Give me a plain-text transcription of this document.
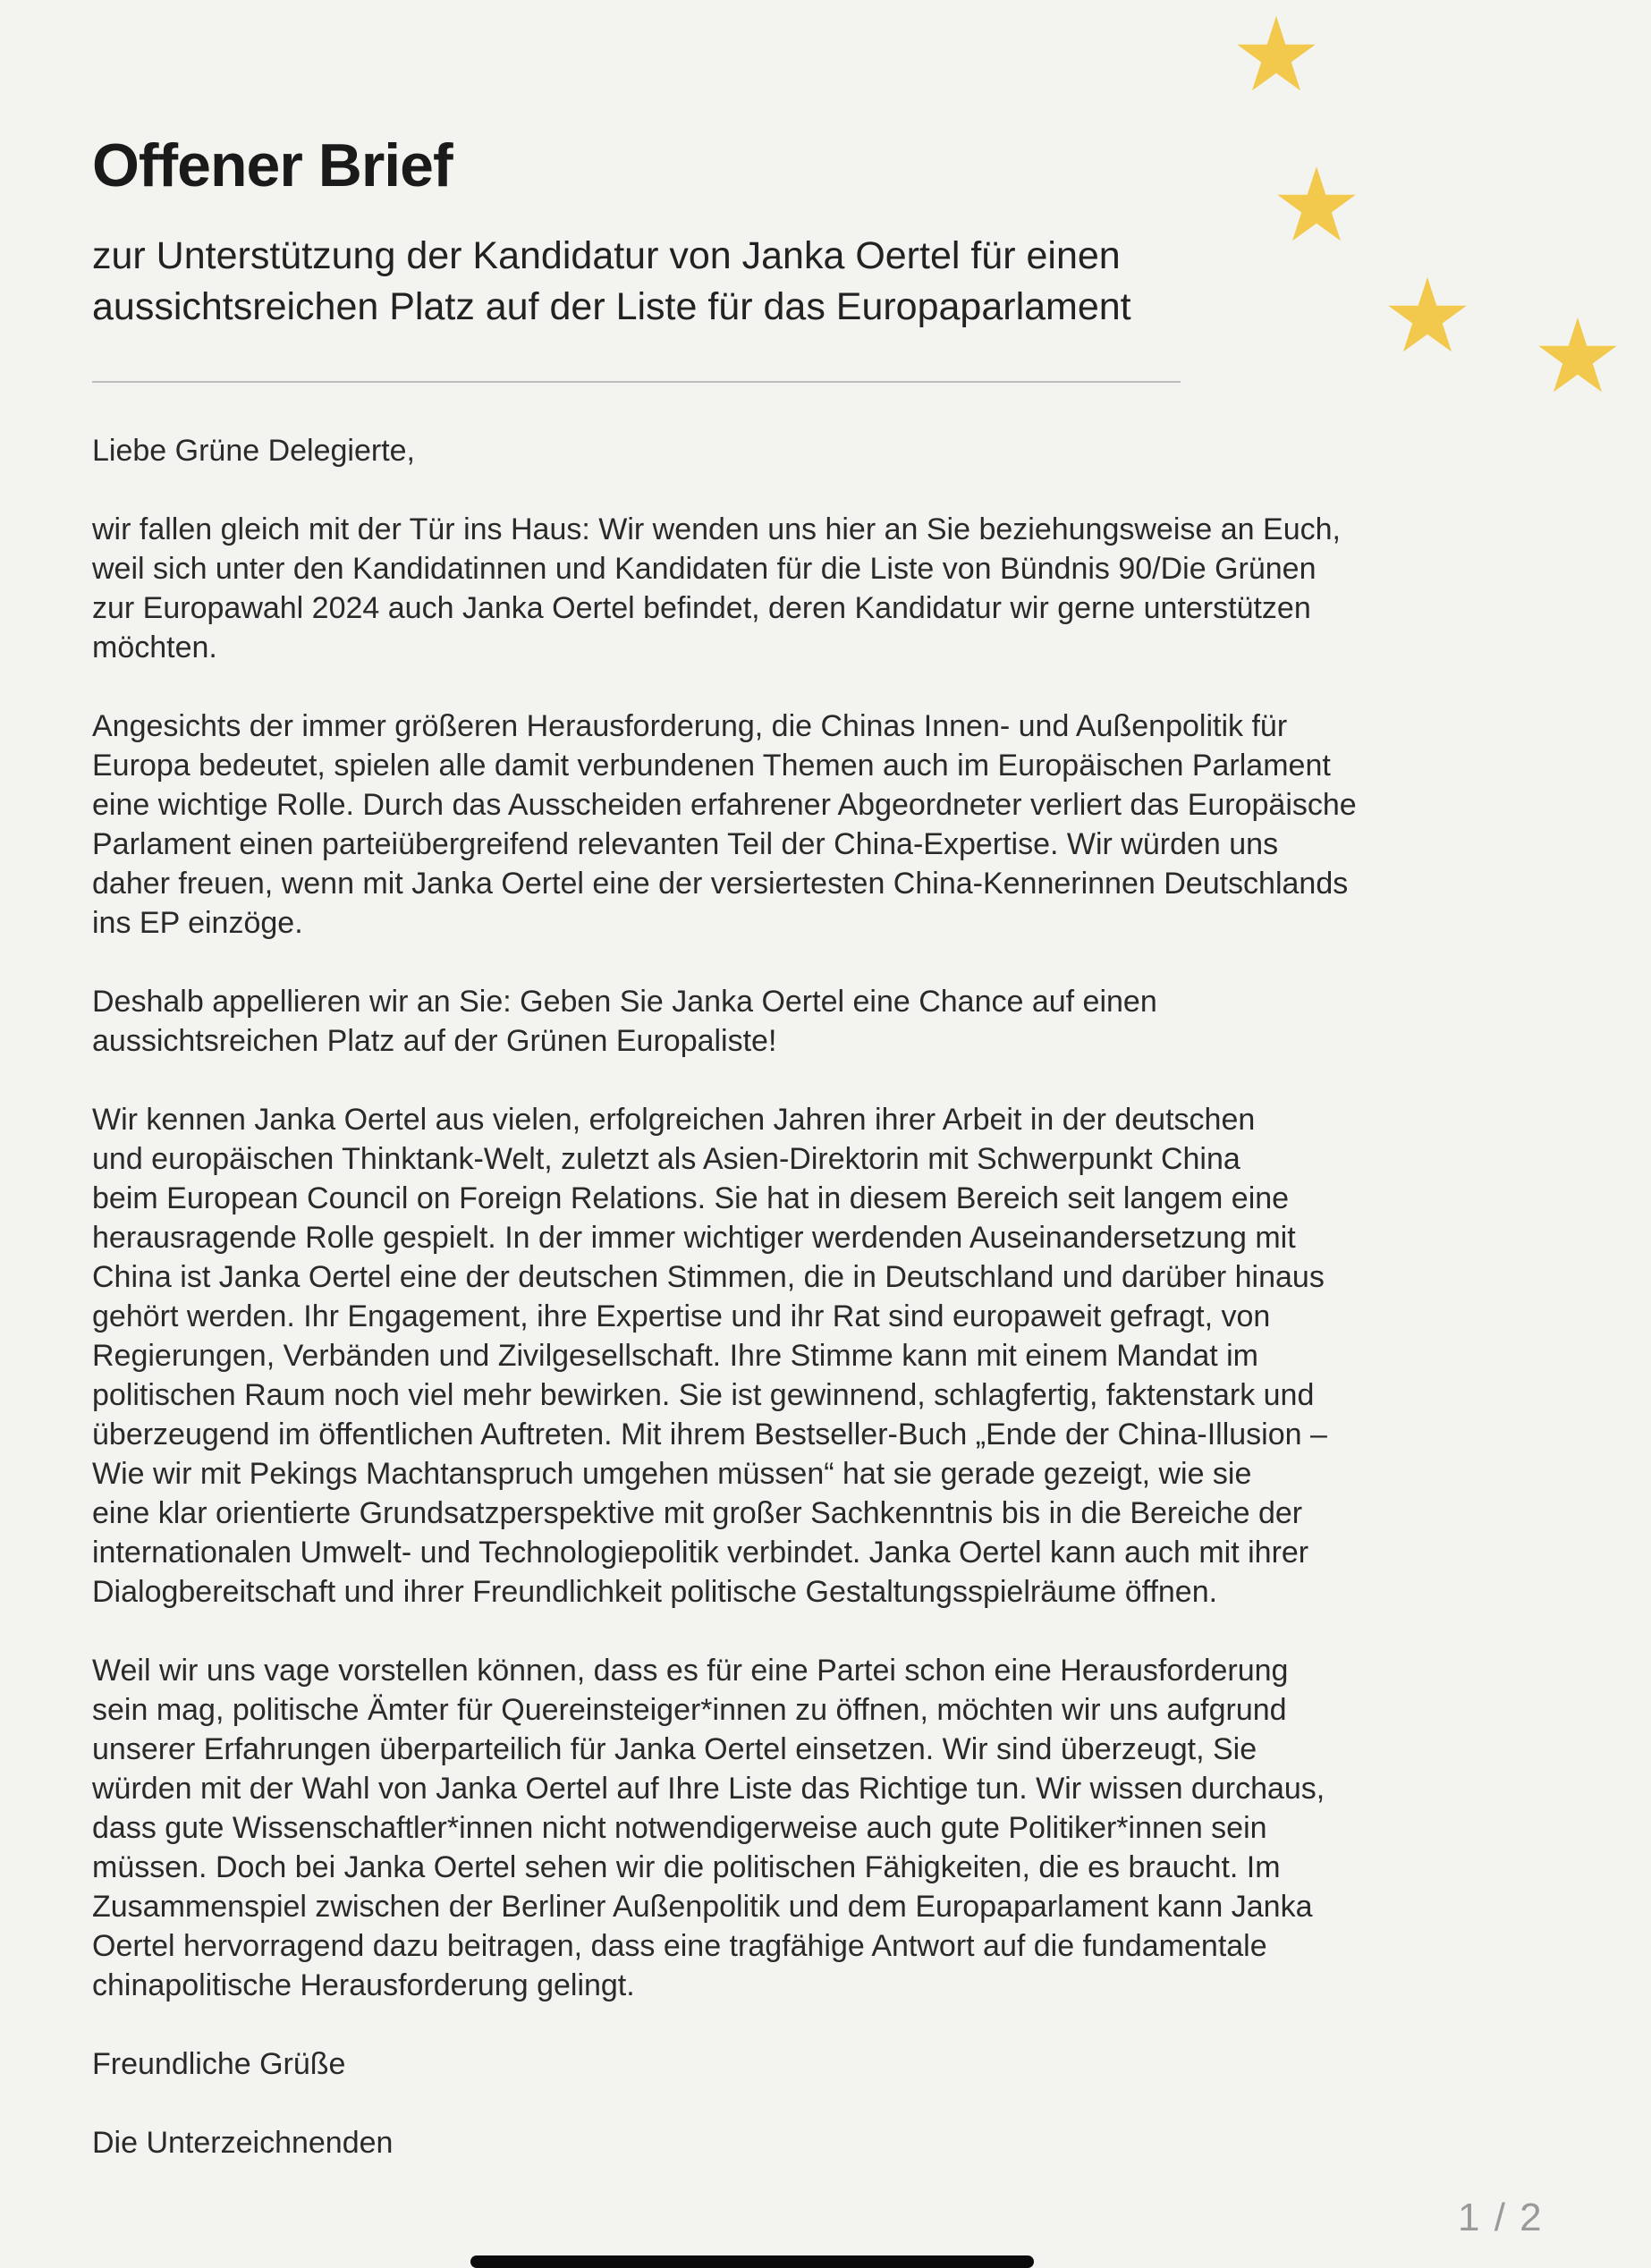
Offener Brief
zur Unterstützung der Kandidatur von Janka Oertel für einen
aussichtsreichen Platz auf der Liste für das Europaparlament

Liebe Grüne Delegierte,

wir fallen gleich mit der Tür ins Haus: Wir wenden uns hier an Sie beziehungsweise an Euch,
weil sich unter den Kandidatinnen und Kandidaten für die Liste von Bündnis 90/Die Grünen
zur Europawahl 2024 auch Janka Oertel befindet, deren Kandidatur wir gerne unterstützen
möchten.

Angesichts der immer größeren Herausforderung, die Chinas Innen- und Außenpolitik für
Europa bedeutet, spielen alle damit verbundenen Themen auch im Europäischen Parlament
eine wichtige Rolle. Durch das Ausscheiden erfahrener Abgeordneter verliert das Europäische
Parlament einen parteiübergreifend relevanten Teil der China-Expertise. Wir würden uns
daher freuen, wenn mit Janka Oertel eine der versiertesten China-Kennerinnen Deutschlands
ins EP einzöge.

Deshalb appellieren wir an Sie: Geben Sie Janka Oertel eine Chance auf einen
aussichtsreichen Platz auf der Grünen Europaliste!

Wir kennen Janka Oertel aus vielen, erfolgreichen Jahren ihrer Arbeit in der deutschen
und europäischen Thinktank-Welt, zuletzt als Asien-Direktorin mit Schwerpunkt China
beim European Council on Foreign Relations. Sie hat in diesem Bereich seit langem eine
herausragende Rolle gespielt. In der immer wichtiger werdenden Auseinandersetzung mit
China ist Janka Oertel eine der deutschen Stimmen, die in Deutschland und darüber hinaus
gehört werden. Ihr Engagement, ihre Expertise und ihr Rat sind europaweit gefragt, von
Regierungen, Verbänden und Zivilgesellschaft. Ihre Stimme kann mit einem Mandat im
politischen Raum noch viel mehr bewirken. Sie ist gewinnend, schlagfertig, faktenstark und
überzeugend im öffentlichen Auftreten. Mit ihrem Bestseller-Buch „Ende der China-Illusion –
Wie wir mit Pekings Machtanspruch umgehen müssen“ hat sie gerade gezeigt, wie sie
eine klar orientierte Grundsatzperspektive mit großer Sachkenntnis bis in die Bereiche der
internationalen Umwelt- und Technologiepolitik verbindet. Janka Oertel kann auch mit ihrer
Dialogbereitschaft und ihrer Freundlichkeit politische Gestaltungsspielräume öffnen.

Weil wir uns vage vorstellen können, dass es für eine Partei schon eine Herausforderung
sein mag, politische Ämter für Quereinsteiger*innen zu öffnen, möchten wir uns aufgrund
unserer Erfahrungen überparteilich für Janka Oertel einsetzen. Wir sind überzeugt, Sie
würden mit der Wahl von Janka Oertel auf Ihre Liste das Richtige tun. Wir wissen durchaus,
dass gute Wissenschaftler*innen nicht notwendigerweise auch gute Politiker*innen sein
müssen. Doch bei Janka Oertel sehen wir die politischen Fähigkeiten, die es braucht. Im
Zusammenspiel zwischen der Berliner Außenpolitik und dem Europaparlament kann Janka
Oertel hervorragend dazu beitragen, dass eine tragfähige Antwort auf die fundamentale
chinapolitische Herausforderung gelingt.

Freundliche Grüße

Die Unterzeichnenden

1 / 2
